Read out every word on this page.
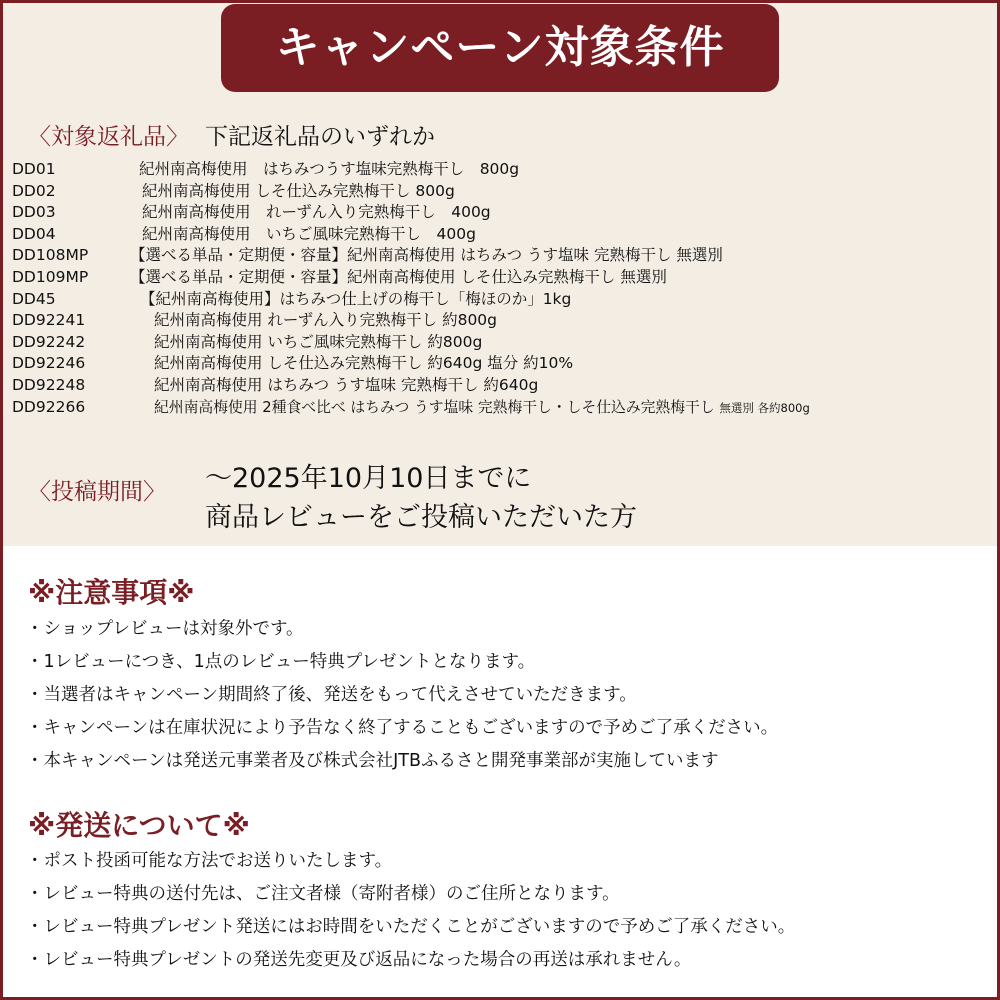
キャンペーン対象条件
〈対象返礼品〉 下記返礼品のいずれか
DD01	紀州南高梅使用　はちみつうす塩味完熟梅干し　800g
DD02	紀州南高梅使用 しそ仕込み完熟梅干し 800g
DD03	紀州南高梅使用　れーずん入り完熟梅干し　400g
DD04	紀州南高梅使用　いちご風味完熟梅干し　400g
DD108MP	【選べる単品・定期便・容量】紀州南高梅使用 はちみつ うす塩味 完熟梅干し 無選別
DD109MP	【選べる単品・定期便・容量】紀州南高梅使用 しそ仕込み完熟梅干し 無選別
DD45	【紀州南高梅使用】はちみつ仕上げの梅干し「梅ほのか」1kg
DD92241	紀州南高梅使用 れーずん入り完熟梅干し 約800g
DD92242	紀州南高梅使用 いちご風味完熟梅干し 約800g
DD92246	紀州南高梅使用 しそ仕込み完熟梅干し 約640g 塩分 約10%
DD92248	紀州南高梅使用 はちみつ うす塩味 完熟梅干し 約640g
DD92266	紀州南高梅使用 2種食べ比べ はちみつ うす塩味 完熟梅干し・しそ仕込み完熟梅干し 無選別 各約800g
〈投稿期間〉 ～2025年10月10日までに
商品レビューをご投稿いただいた方
※注意事項※
・ショップレビューは対象外です。
・1レビューにつき、1点のレビュー特典プレゼントとなります。
・当選者はキャンペーン期間終了後、発送をもって代えさせていただきます。
・キャンペーンは在庫状況により予告なく終了することもございますので予めご了承ください。
・本キャンペーンは発送元事業者及び株式会社JTBふるさと開発事業部が実施しています
※発送について※
・ポスト投函可能な方法でお送りいたします。
・レビュー特典の送付先は、ご注文者様（寄附者様）のご住所となります。
・レビュー特典プレゼント発送にはお時間をいただくことがございますので予めご了承ください。
・レビュー特典プレゼントの発送先変更及び返品になった場合の再送は承れません。
